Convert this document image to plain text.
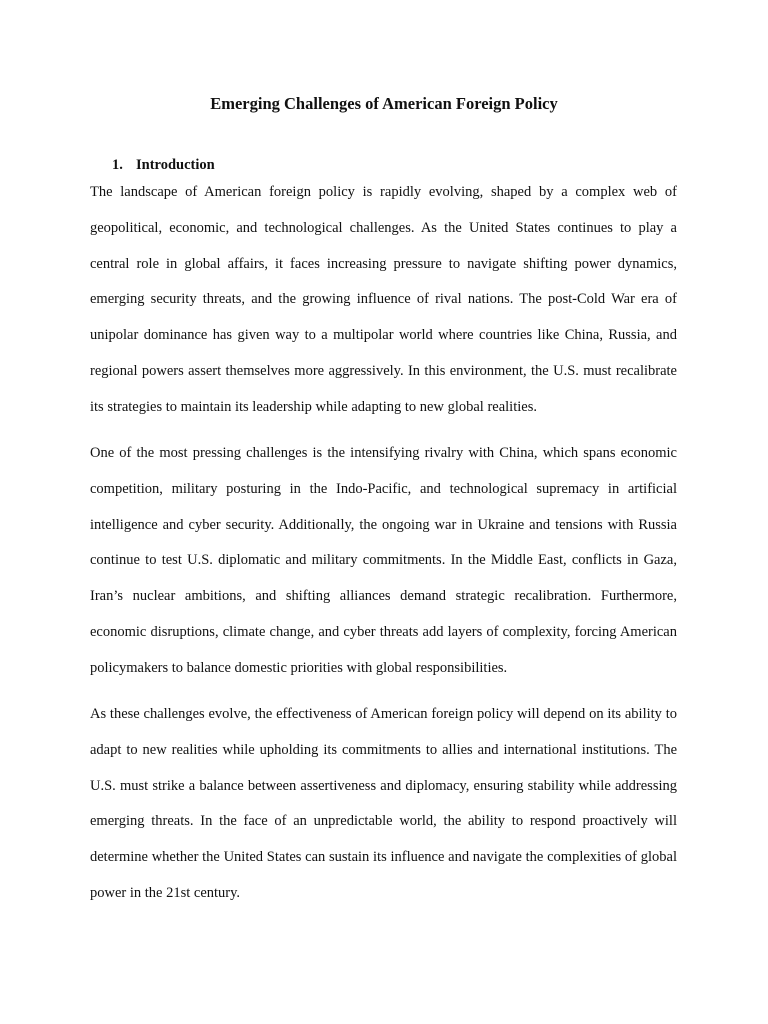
Emerging Challenges of American Foreign Policy
1. Introduction

The landscape of American foreign policy is rapidly evolving, shaped by a complex web of geopolitical, economic, and technological challenges. As the United States continues to play a central role in global affairs, it faces increasing pressure to navigate shifting power dynamics, emerging security threats, and the growing influence of rival nations. The post-Cold War era of unipolar dominance has given way to a multipolar world where countries like China, Russia, and regional powers assert themselves more aggressively. In this environment, the U.S. must recalibrate its strategies to maintain its leadership while adapting to new global realities.

One of the most pressing challenges is the intensifying rivalry with China, which spans economic competition, military posturing in the Indo-Pacific, and technological supremacy in artificial intelligence and cyber security. Additionally, the ongoing war in Ukraine and tensions with Russia continue to test U.S. diplomatic and military commitments. In the Middle East, conflicts in Gaza, Iran’s nuclear ambitions, and shifting alliances demand strategic recalibration. Furthermore, economic disruptions, climate change, and cyber threats add layers of complexity, forcing American policymakers to balance domestic priorities with global responsibilities.

As these challenges evolve, the effectiveness of American foreign policy will depend on its ability to adapt to new realities while upholding its commitments to allies and international institutions. The U.S. must strike a balance between assertiveness and diplomacy, ensuring stability while addressing emerging threats. In the face of an unpredictable world, the ability to respond proactively will determine whether the United States can sustain its influence and navigate the complexities of global power in the 21st century.
